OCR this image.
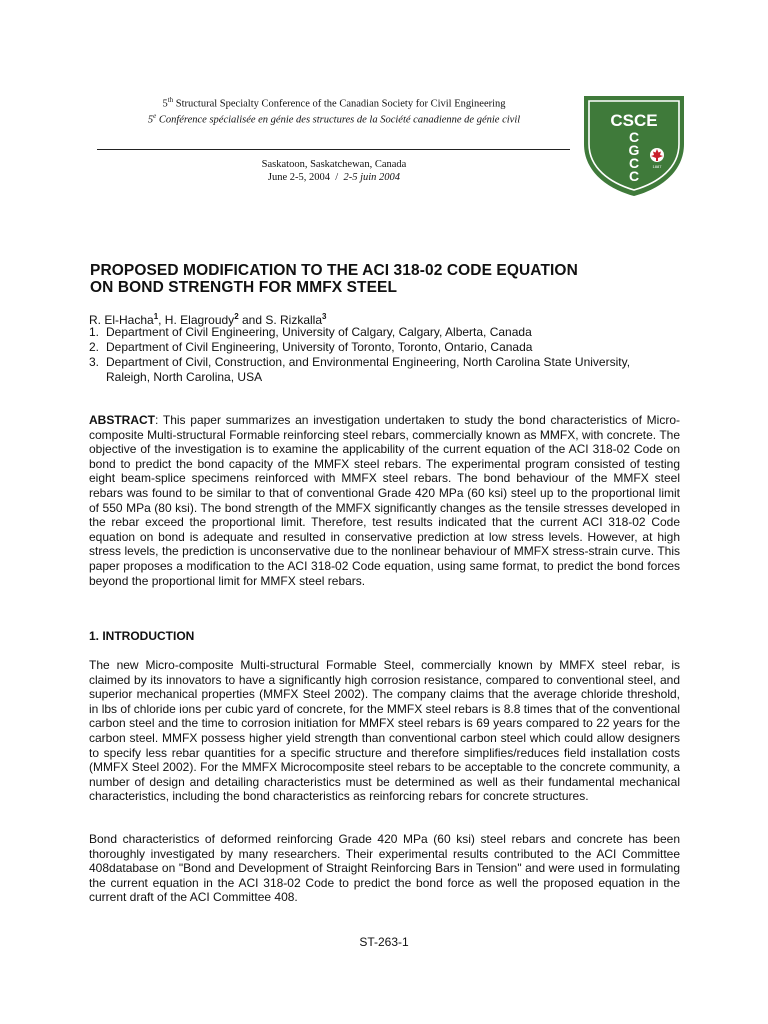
5th Structural Specialty Conference of the Canadian Society for Civil Engineering
5e Conférence spécialisée en génie des structures de la Société canadienne de génie civil
Saskatoon, Saskatchewan, Canada
June 2-5, 2004 / 2-5 juin 2004
CSCE
C
G
C
C
1887
PROPOSED MODIFICATION TO THE ACI 318-02 CODE EQUATION
ON BOND STRENGTH FOR MMFX STEEL
R. El-Hacha$^1$, H. Elagroudy$^2$ and S. Rizkalla$^3$
1. Department of Civil Engineering, University of Calgary, Calgary, Alberta, Canada
2. Department of Civil Engineering, University of Toronto, Toronto, Ontario, Canada
3. Department of Civil, Construction, and Environmental Engineering, North Carolina State University,
Raleigh, North Carolina, USA

ABSTRACT: This paper summarizes an investigation undertaken to study the bond characteristics of Micro-composite Multi-structural Formable reinforcing steel rebars, commercially known as MMFX, with concrete. The objective of the investigation is to examine the applicability of the current equation of the ACI 318-02 Code on bond to predict the bond capacity of the MMFX steel rebars. The experimental program consisted of testing eight beam-splice specimens reinforced with MMFX steel rebars. The bond behaviour of the MMFX steel rebars was found to be similar to that of conventional Grade 420 MPa (60 ksi) steel up to the proportional limit of 550 MPa (80 ksi). The bond strength of the MMFX significantly changes as the tensile stresses developed in the rebar exceed the proportional limit. Therefore, test results indicated that the current ACI 318-02 Code equation on bond is adequate and resulted in conservative prediction at low stress levels. However, at high stress levels, the prediction is unconservative due to the nonlinear behaviour of MMFX stress-strain curve. This paper proposes a modification to the ACI 318-02 Code equation, using same format, to predict the bond forces beyond the proportional limit for MMFX steel rebars.

1. INTRODUCTION

The new Micro-composite Multi-structural Formable Steel, commercially known by MMFX steel rebar, is claimed by its innovators to have a significantly high corrosion resistance, compared to conventional steel, and superior mechanical properties (MMFX Steel 2002). The company claims that the average chloride threshold, in lbs of chloride ions per cubic yard of concrete, for the MMFX steel rebars is 8.8 times that of the conventional carbon steel and the time to corrosion initiation for MMFX steel rebars is 69 years compared to 22 years for the carbon steel. MMFX possess higher yield strength than conventional carbon steel which could allow designers to specify less rebar quantities for a specific structure and therefore simplifies/reduces field installation costs (MMFX Steel 2002). For the MMFX Microcomposite steel rebars to be acceptable to the concrete community, a number of design and detailing characteristics must be determined as well as their fundamental mechanical characteristics, including the bond characteristics as reinforcing rebars for concrete structures.

Bond characteristics of deformed reinforcing Grade 420 MPa (60 ksi) steel rebars and concrete has been thoroughly investigated by many researchers. Their experimental results contributed to the ACI Committee 408database on "Bond and Development of Straight Reinforcing Bars in Tension" and were used in formulating the current equation in the ACI 318-02 Code to predict the bond force as well the proposed equation in the current draft of the ACI Committee 408.

ST-263-1
